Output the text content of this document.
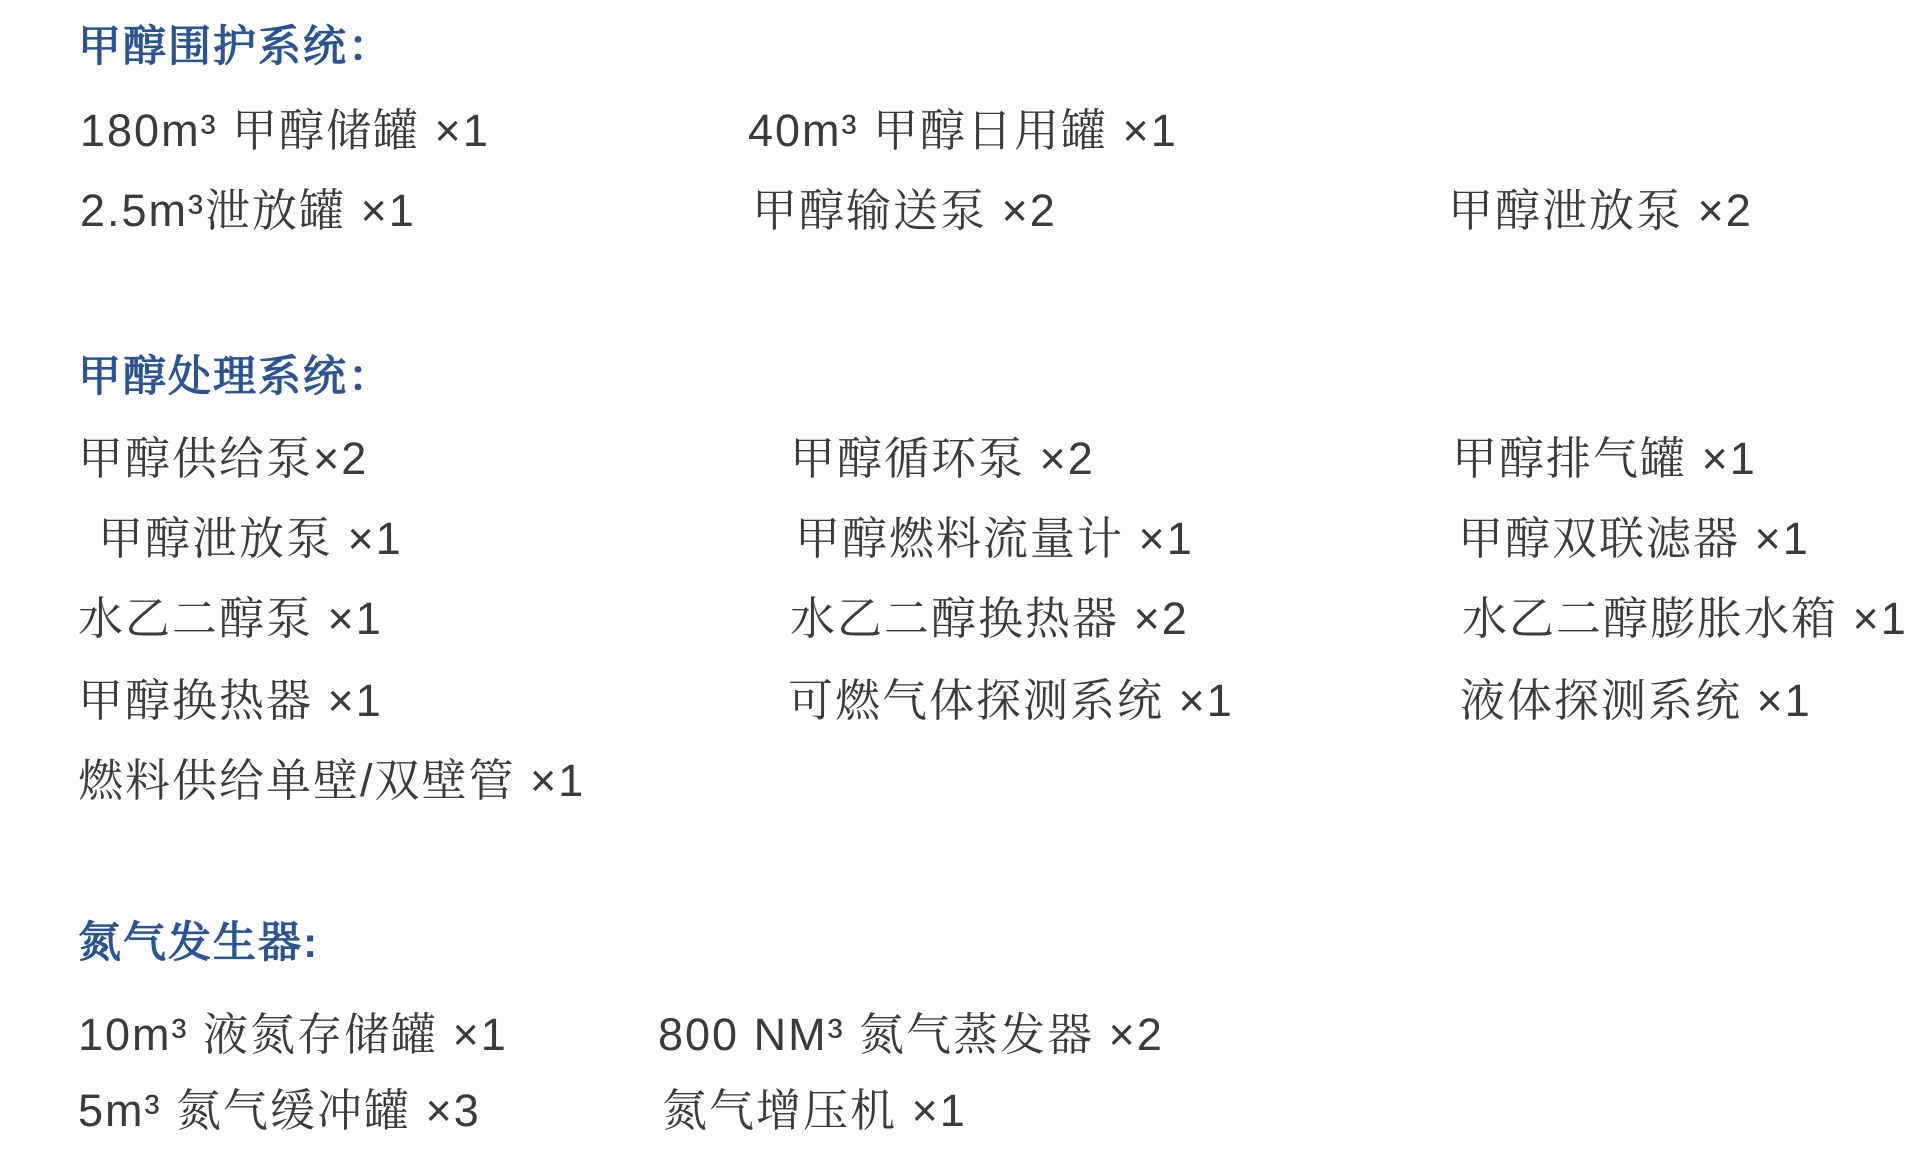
甲醇围护系统：
180m³ 甲醇储罐 ×1	40m³ 甲醇日用罐 ×1
2.5m³泄放罐 ×1	甲醇输送泵 ×2	甲醇泄放泵 ×2
甲醇处理系统：
甲醇供给泵×2	甲醇循环泵 ×2	甲醇排气罐 ×1
甲醇泄放泵 ×1	甲醇燃料流量计 ×1	甲醇双联滤器 ×1
水乙二醇泵 ×1	水乙二醇换热器 ×2	水乙二醇膨胀水箱 ×1
甲醇换热器 ×1	可燃气体探测系统 ×1	液体探测系统 ×1
燃料供给单壁/双壁管 ×1
氮气发生器:
10m³ 液氮存储罐 ×1	800 NM³ 氮气蒸发器 ×2
5m³ 氮气缓冲罐 ×3	氮气增压机 ×1
